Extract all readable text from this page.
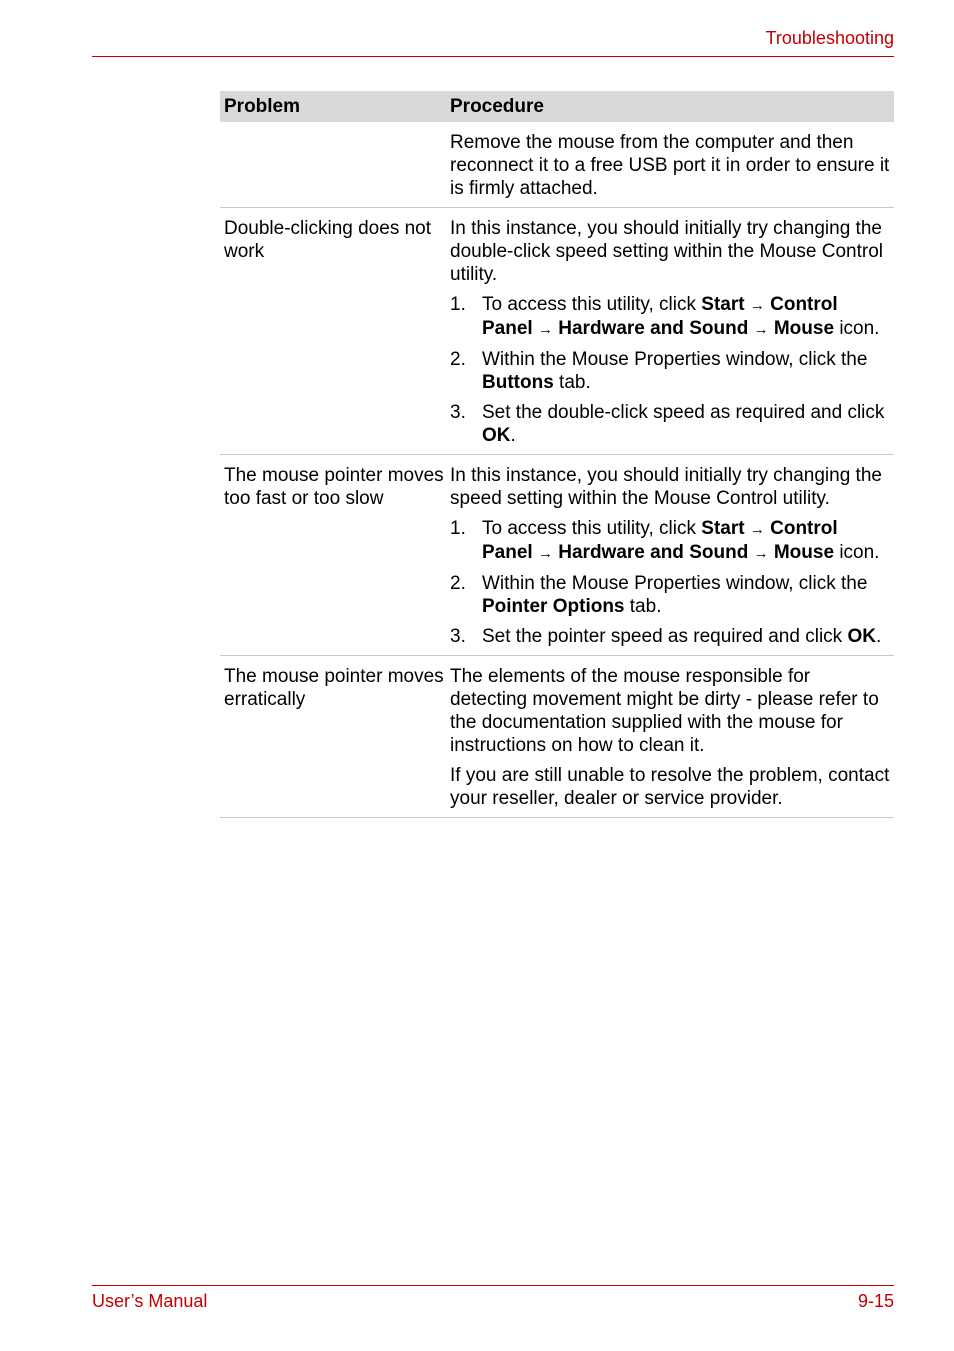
Troubleshooting
Problem	Procedure
Remove the mouse from the computer and then reconnect it to a free USB port it in order to ensure it is firmly attached.
Double-clicking does not work
In this instance, you should initially try changing the double-click speed setting within the Mouse Control utility.
1. To access this utility, click Start → Control Panel → Hardware and Sound → Mouse icon.
2. Within the Mouse Properties window, click the Buttons tab.
3. Set the double-click speed as required and click OK.
The mouse pointer moves too fast or too slow
In this instance, you should initially try changing the speed setting within the Mouse Control utility.
1. To access this utility, click Start → Control Panel → Hardware and Sound → Mouse icon.
2. Within the Mouse Properties window, click the Pointer Options tab.
3. Set the pointer speed as required and click OK.
The mouse pointer moves erratically
The elements of the mouse responsible for detecting movement might be dirty - please refer to the documentation supplied with the mouse for instructions on how to clean it.
If you are still unable to resolve the problem, contact your reseller, dealer or service provider.
User’s Manual	9-15
